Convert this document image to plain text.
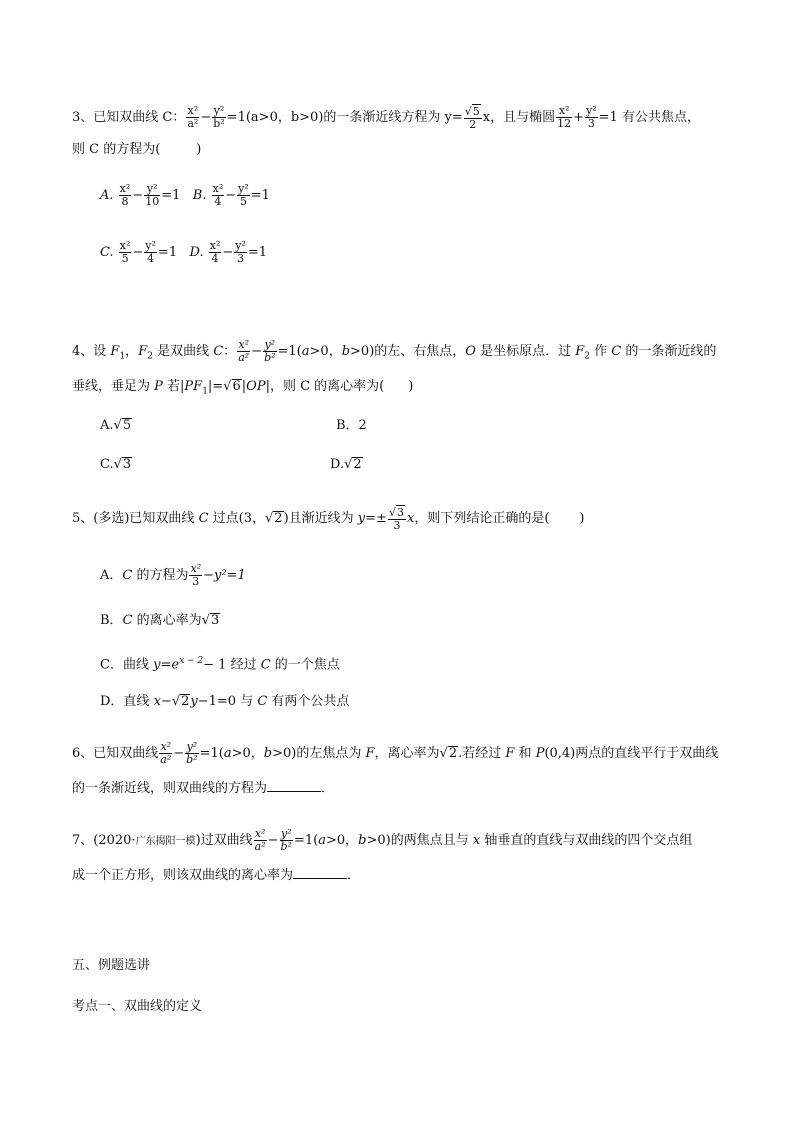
3、已知双曲线 C： $\frac{\text{x²}}{\text{a²}} - \frac{\text{y²}}{\text{b²}} =1(a>0$，b>0)的一条渐近线方程为 $y= \frac{√5}{2}$ x，且与椭圆 $\frac{\text{x²}}{12} + \frac{\text{y²}}{3} =1$ 有公共焦点，
则 C 的方程为(	)
A. $\frac{\text{x²}}{8} - \frac{\text{y²}}{10} =1$ B. $\frac{\text{x²}}{4} - \frac{\text{y²}}{5} =1$
C. $\frac{\text{x²}}{5} - \frac{\text{y²}}{4} =1$ D. $\frac{\text{x²}}{4} - \frac{\text{y²}}{3} =1$
4、设 $F_1$，$F_2$ 是双曲线 C： $\frac{\text{x²}}{\text{a²}} - \frac{\text{y²}}{\text{b²}} =1(a>0$，b>0)的左、右焦点，O 是坐标原点．过 $F_2$ 作 C 的一条渐近线的
垂线，垂足为 P 若$|PF_1|=√6|OP|$，则 C 的离心率为( )
A.√5	B．2
C.√3	D.√2
5、(多选)已知双曲线 C 过点(3，√2)且渐近线为 $y=\pm \frac{√3}{3}$ x，则下列结论正确的是( )
A．C 的方程为 $\frac{\text{x²}}{3} -y^2=1$
B．C 的离心率为√3
C．曲线 $y=e^{x - 2}- 1$ 经过 C 的一个焦点
D．直线 x−√2y−1=0 与 C 有两个公共点
6、已知双曲线 $\frac{\text{x²}}{\text{a²}} - \frac{\text{y²}}{\text{b²}} =1(a>0$，b>0)的左焦点为 F，离心率为√2.若经过 F 和 P(0,4)两点的直线平行于双曲线
的一条渐近线，则双曲线的方程为	．
7、(2020·广东揭阳一模)过双曲线 $\frac{\text{x²}}{\text{a²}} - \frac{\text{y²}}{\text{b²}} =1(a>0$，b>0)的两焦点且与 x 轴垂直的直线与双曲线的四个交点组
成一个正方形，则该双曲线的离心率为	．
五、例题选讲
考点一、双曲线的定义
